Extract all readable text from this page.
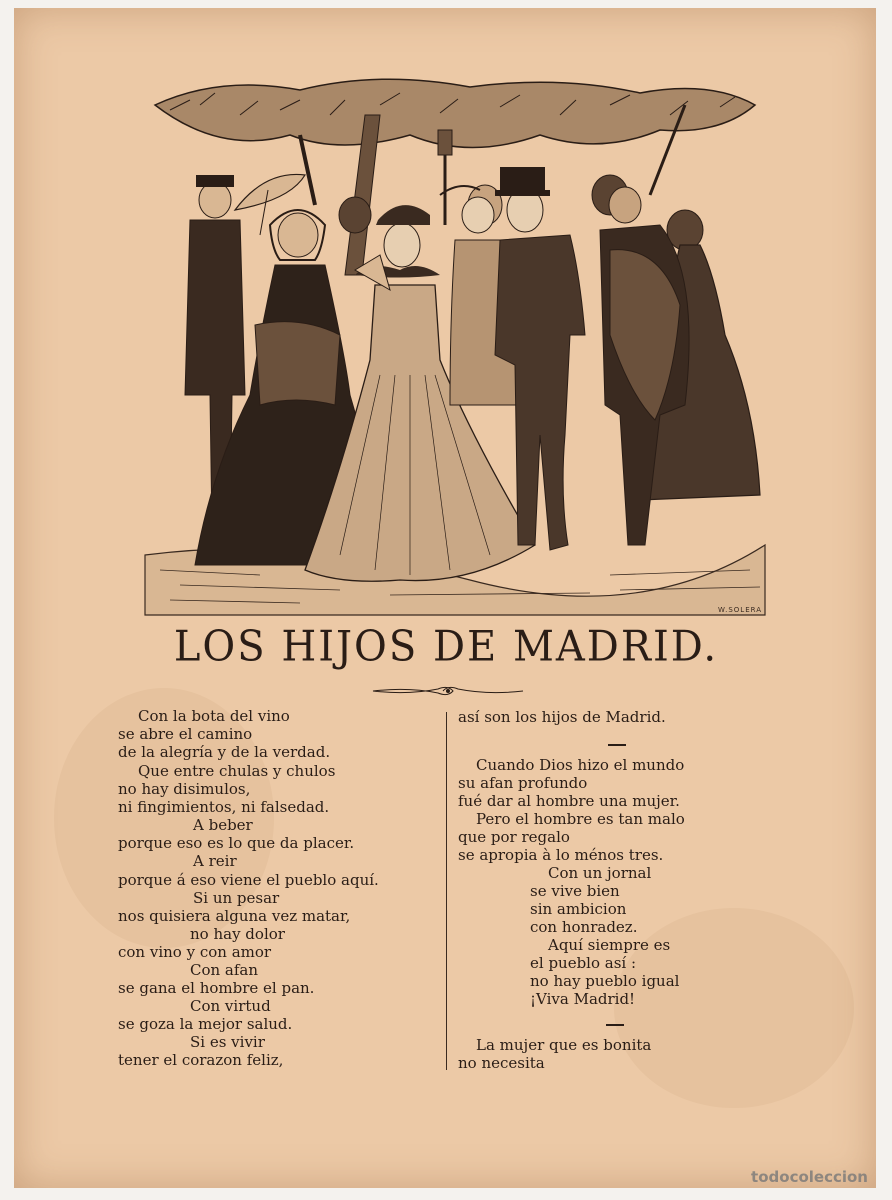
W.SOLERA
LOS HIJOS DE MADRID.
Con la bota del vino
se abre el camino
de la alegría y de la verdad.
Que entre chulas y chulos
no hay disimulos,
ni fingimientos, ni falsedad.
A beber
porque eso es lo que da placer.
A reir
porque á eso viene el pueblo aquí.
Si un pesar
nos quisiera alguna vez matar,
no hay dolor
con vino y con amor
Con afan
se gana el hombre el pan.
Con virtud
se goza la mejor salud.
Si es vivir
tener el corazon feliz,
así son los hijos de Madrid.
Cuando Dios hizo el mundo
su afan profundo
fué dar al hombre una mujer.
Pero el hombre es tan malo
que por regalo
se apropia à lo ménos tres.
Con un jornal
se vive bien
sin ambicion
con honradez.
Aquí siempre es
el pueblo así :
no hay pueblo igual
¡Viva Madrid!
La mujer que es bonita
no necesita
todocoleccion
